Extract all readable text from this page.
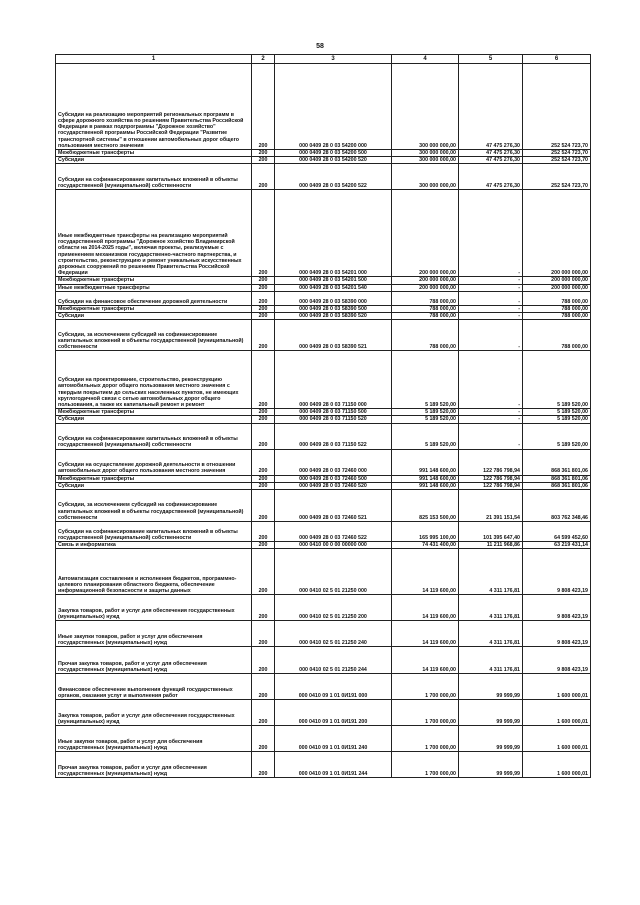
58
1	2	3	4	5	6
Субсидии на реализацию мероприятий региональных программ в сфере дорожного хозяйства по решениям Правительства Российской Федерации в рамках подпрограммы "Дорожное хозяйство" государственной программы Российской Федерации "Развитие транспортной системы" в отношении автомобильных дорог общего пользования местного значения	200	000 0409 28 0 03 54200 000	300 000 000,00	47 475 276,30	252 524 723,70
Межбюджетные трансферты	200	000 0409 28 0 03 54200 500	300 000 000,00	47 475 276,30	252 524 723,70
Субсидии	200	000 0409 28 0 03 54200 520	300 000 000,00	47 475 276,30	252 524 723,70
Субсидии на софинансирование капитальных вложений в объекты государственной (муниципальной) собственности	200	000 0409 28 0 03 54200 522	300 000 000,00	47 475 276,30	252 524 723,70
Иные межбюджетные трансферты на реализацию мероприятий государственной программы "Дорожное хозяйство Владимирской области на 2014-2025 годы", включая проекты, реализуемые с применением механизмов государственно-частного партнерства, и строительство, реконструкцию и ремонт уникальных искусственных дорожных сооружений по решениям Правительства Российской Федерации	200	000 0409 28 0 03 54201 000	200 000 000,00	-	200 000 000,00
Межбюджетные трансферты	200	000 0409 28 0 03 54201 500	200 000 000,00	-	200 000 000,00
Иные межбюджетные трансферты	200	000 0409 28 0 03 54201 540	200 000 000,00	-	200 000 000,00
Субсидии на финансовое обеспечение дорожной деятельности	200	000 0409 28 0 03 58390 000	788 000,00	-	788 000,00
Межбюджетные трансферты	200	000 0409 28 0 03 58390 500	788 000,00	-	788 000,00
Субсидии	200	000 0409 28 0 03 58390 520	788 000,00	-	788 000,00
Субсидии, за исключением субсидий на софинансирование капитальных вложений в объекты государственной (муниципальной) собственности	200	000 0409 28 0 03 58390 521	788 000,00	-	788 000,00
Субсидии на проектирование, строительство, реконструкцию автомобильных дорог общего пользования местного значения с твердым покрытием до сельских населенных пунктов, не имеющих круглогодичной связи с сетью автомобильных дорог общего пользования, а также их капитальный ремонт и ремонт	200	000 0409 28 0 03 71150 000	5 189 520,00	-	5 189 520,00
Межбюджетные трансферты	200	000 0409 28 0 03 71150 500	5 189 520,00	-	5 189 520,00
Субсидии	200	000 0409 28 0 03 71150 520	5 189 520,00	-	5 189 520,00
Субсидии на софинансирование капитальных вложений в объекты государственной (муниципальной) собственности	200	000 0409 28 0 03 71150 522	5 189 520,00	-	5 189 520,00
Субсидии на осуществление дорожной деятельности в отношении автомобильных дорог общего пользования местного значения	200	000 0409 28 0 03 72460 000	991 148 600,00	122 786 798,94	868 361 801,06
Межбюджетные трансферты	200	000 0409 28 0 03 72460 500	991 148 600,00	122 786 798,94	868 361 801,06
Субсидии	200	000 0409 28 0 03 72460 520	991 148 600,00	122 786 798,94	868 361 801,06
Субсидии, за исключением субсидий на софинансирование капитальных вложений в объекты государственной (муниципальной) собственности	200	000 0409 28 0 03 72460 521	825 153 500,00	21 391 151,54	803 762 348,46
Субсидии на софинансирование капитальных вложений в объекты государственной (муниципальной) собственности	200	000 0409 28 0 03 72460 522	165 995 100,00	101 395 647,40	64 599 452,60
Связь и информатика	200	000 0410 00 0 00 00000 000	74 431 400,00	11 211 968,86	63 219 431,14
Автоматизация составления и исполнения бюджетов, программно-целевого планирования областного бюджета, обеспечение информационной безопасности и защиты данных	200	000 0410 02 5 01 21250 000	14 119 600,00	4 311 176,81	9 808 423,19
Закупка товаров, работ и услуг для обеспечения государственных (муниципальных) нужд	200	000 0410 02 5 01 21250 200	14 119 600,00	4 311 176,81	9 808 423,19
Иные закупки товаров, работ и услуг для обеспечения государственных (муниципальных) нужд	200	000 0410 02 5 01 21250 240	14 119 600,00	4 311 176,81	9 808 423,19
Прочая закупка товаров, работ и услуг для обеспечения государственных (муниципальных) нужд	200	000 0410 02 5 01 21250 244	14 119 600,00	4 311 176,81	9 808 423,19
Финансовое обеспечение выполнения функций государственных органов, оказания услуг и выполнения работ	200	000 0410 09 1 01 0И191 000	1 700 000,00	99 999,99	1 600 000,01
Закупка товаров, работ и услуг для обеспечения государственных (муниципальных) нужд	200	000 0410 09 1 01 0И191 200	1 700 000,00	99 999,99	1 600 000,01
Иные закупки товаров, работ и услуг для обеспечения государственных (муниципальных) нужд	200	000 0410 09 1 01 0И191 240	1 700 000,00	99 999,99	1 600 000,01
Прочая закупка товаров, работ и услуг для обеспечения государственных (муниципальных) нужд	200	000 0410 09 1 01 0И191 244	1 700 000,00	99 999,99	1 600 000,01
